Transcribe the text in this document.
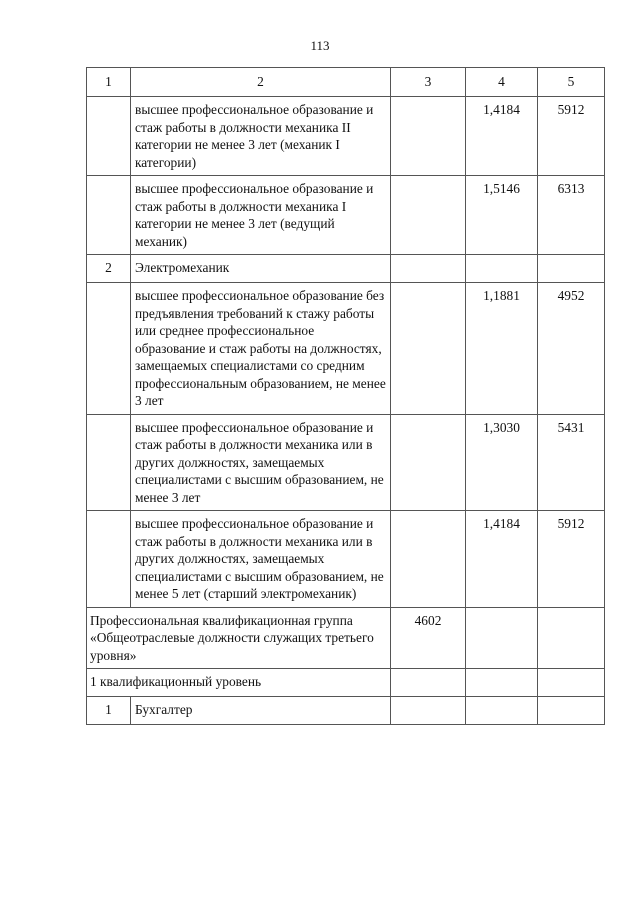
113
1	2	3	4	5
	высшее профессиональное образование и стаж работы в должности механика II категории не менее 3 лет (механик I категории)		1,4184	5912
	высшее профессиональное образование и стаж работы в должности механика I категории не менее 3 лет (ведущий механик)		1,5146	6313
2	Электромеханик			
	высшее профессиональное образование без предъявления требований к стажу работы или среднее профессиональное образование и стаж работы на должностях, замещаемых специалистами со средним профессиональным образованием, не менее 3 лет		1,1881	4952
	высшее профессиональное образование и стаж работы в должности механика или в других должностях, замещаемых специалистами с высшим образованием, не менее 3 лет		1,3030	5431
	высшее профессиональное образование и стаж работы в должности механика или в других должностях, замещаемых специалистами с высшим образованием, не менее 5 лет (старший электромеханик)		1,4184	5912
Профессиональная квалификационная группа «Общеотраслевые должности служащих третьего уровня»		4602		
1 квалификационный уровень				
1	Бухгалтер			
